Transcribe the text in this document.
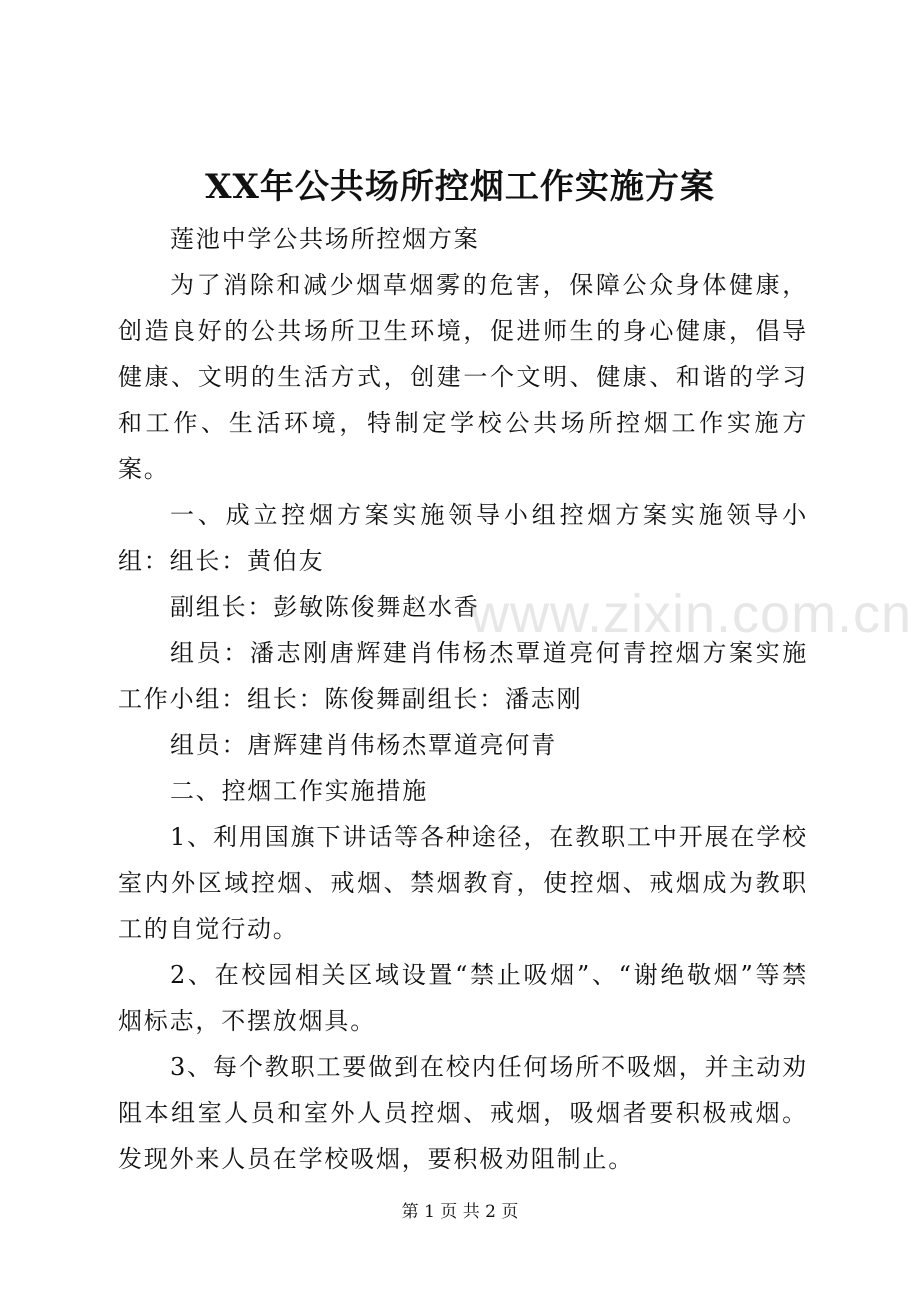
XX年公共场所控烟工作实施方案

莲池中学公共场所控烟方案

为了消除和减少烟草烟雾的危害，保障公众身体健康，创造良好的公共场所卫生环境，促进师生的身心健康，倡导健康、文明的生活方式，创建一个文明、健康、和谐的学习和工作、生活环境，特制定学校公共场所控烟工作实施方案。

一、成立控烟方案实施领导小组控烟方案实施领导小组：组长：黄伯友

副组长：彭敏陈俊舞赵水香

组员：潘志刚唐辉建肖伟杨杰覃道亮何青控烟方案实施工作小组：组长：陈俊舞副组长：潘志刚

组员：唐辉建肖伟杨杰覃道亮何青

二、控烟工作实施措施

1、利用国旗下讲话等各种途径，在教职工中开展在学校室内外区域控烟、戒烟、禁烟教育，使控烟、戒烟成为教职工的自觉行动。

2、在校园相关区域设置“禁止吸烟”、“谢绝敬烟”等禁烟标志，不摆放烟具。

3、每个教职工要做到在校内任何场所不吸烟，并主动劝阻本组室人员和室外人员控烟、戒烟，吸烟者要积极戒烟。发现外来人员在学校吸烟，要积极劝阻制止。

www.zixin.com.cn
第 1 页 共 2 页
